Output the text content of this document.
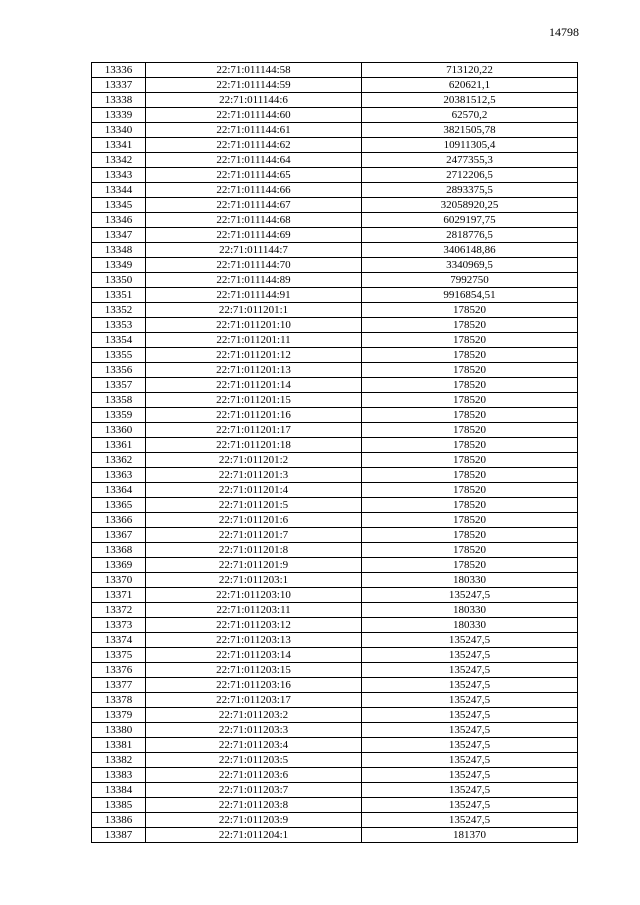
14798
13336	22:71:011144:58	713120,22
13337	22:71:011144:59	620621,1
13338	22:71:011144:6	20381512,5
13339	22:71:011144:60	62570,2
13340	22:71:011144:61	3821505,78
13341	22:71:011144:62	10911305,4
13342	22:71:011144:64	2477355,3
13343	22:71:011144:65	2712206,5
13344	22:71:011144:66	2893375,5
13345	22:71:011144:67	32058920,25
13346	22:71:011144:68	6029197,75
13347	22:71:011144:69	2818776,5
13348	22:71:011144:7	3406148,86
13349	22:71:011144:70	3340969,5
13350	22:71:011144:89	7992750
13351	22:71:011144:91	9916854,51
13352	22:71:011201:1	178520
13353	22:71:011201:10	178520
13354	22:71:011201:11	178520
13355	22:71:011201:12	178520
13356	22:71:011201:13	178520
13357	22:71:011201:14	178520
13358	22:71:011201:15	178520
13359	22:71:011201:16	178520
13360	22:71:011201:17	178520
13361	22:71:011201:18	178520
13362	22:71:011201:2	178520
13363	22:71:011201:3	178520
13364	22:71:011201:4	178520
13365	22:71:011201:5	178520
13366	22:71:011201:6	178520
13367	22:71:011201:7	178520
13368	22:71:011201:8	178520
13369	22:71:011201:9	178520
13370	22:71:011203:1	180330
13371	22:71:011203:10	135247,5
13372	22:71:011203:11	180330
13373	22:71:011203:12	180330
13374	22:71:011203:13	135247,5
13375	22:71:011203:14	135247,5
13376	22:71:011203:15	135247,5
13377	22:71:011203:16	135247,5
13378	22:71:011203:17	135247,5
13379	22:71:011203:2	135247,5
13380	22:71:011203:3	135247,5
13381	22:71:011203:4	135247,5
13382	22:71:011203:5	135247,5
13383	22:71:011203:6	135247,5
13384	22:71:011203:7	135247,5
13385	22:71:011203:8	135247,5
13386	22:71:011203:9	135247,5
13387	22:71:011204:1	181370
